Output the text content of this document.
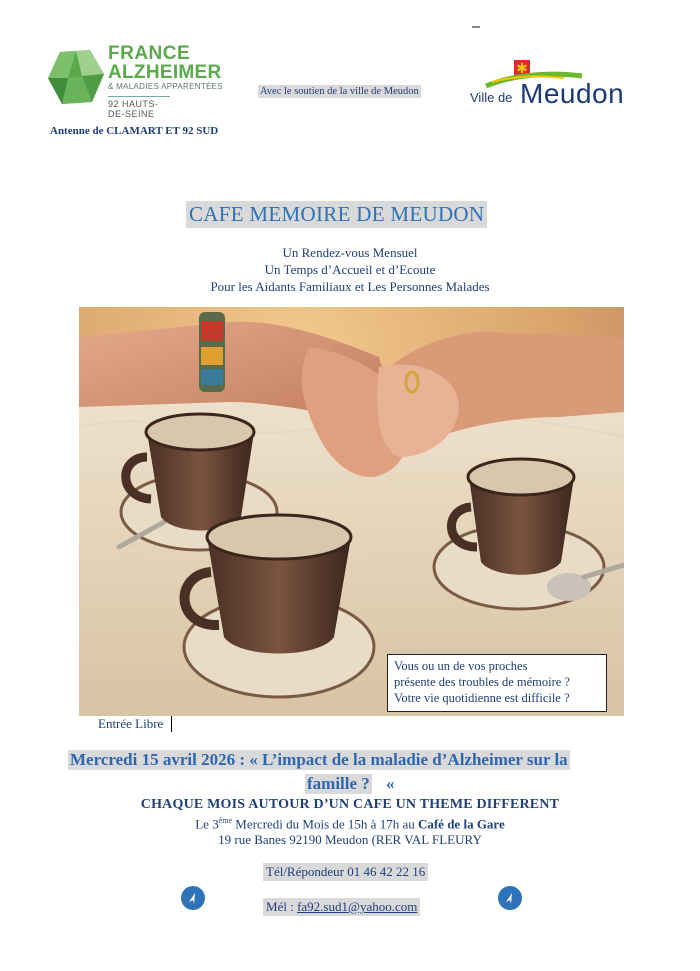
FRANCE
ALZHEIMER
& MALADIES APPARENTÉES
92 HAUTS-DE-SEINE
Antenne de CLAMART ET 92 SUD
Avec le soutien de la ville de Meudon
✱
Ville de Meudon
CAFE MEMOIRE DE MEUDON
Un Rendez-vous Mensuel
Un Temps d’Accueil et d’Ecoute
Pour les Aidants Familiaux et Les Personnes Malades
Vous ou un de vos proches
présente des troubles de mémoire ?
Votre vie quotidienne est difficile ?
Entrée Libre
Mercredi 15 avril 2026 : « L’impact de la maladie d’Alzheimer sur la
famille ? «
CHAQUE MOIS AUTOUR D’UN CAFE UN THEME DIFFERENT
Le 3ème Mercredi du Mois de 15h à 17h au Café de la Gare
19 rue Banes 92190 Meudon (RER VAL FLEURY
Tél/Répondeur 01 46 42 22 16
Mél : fa92.sud1@yahoo.com
